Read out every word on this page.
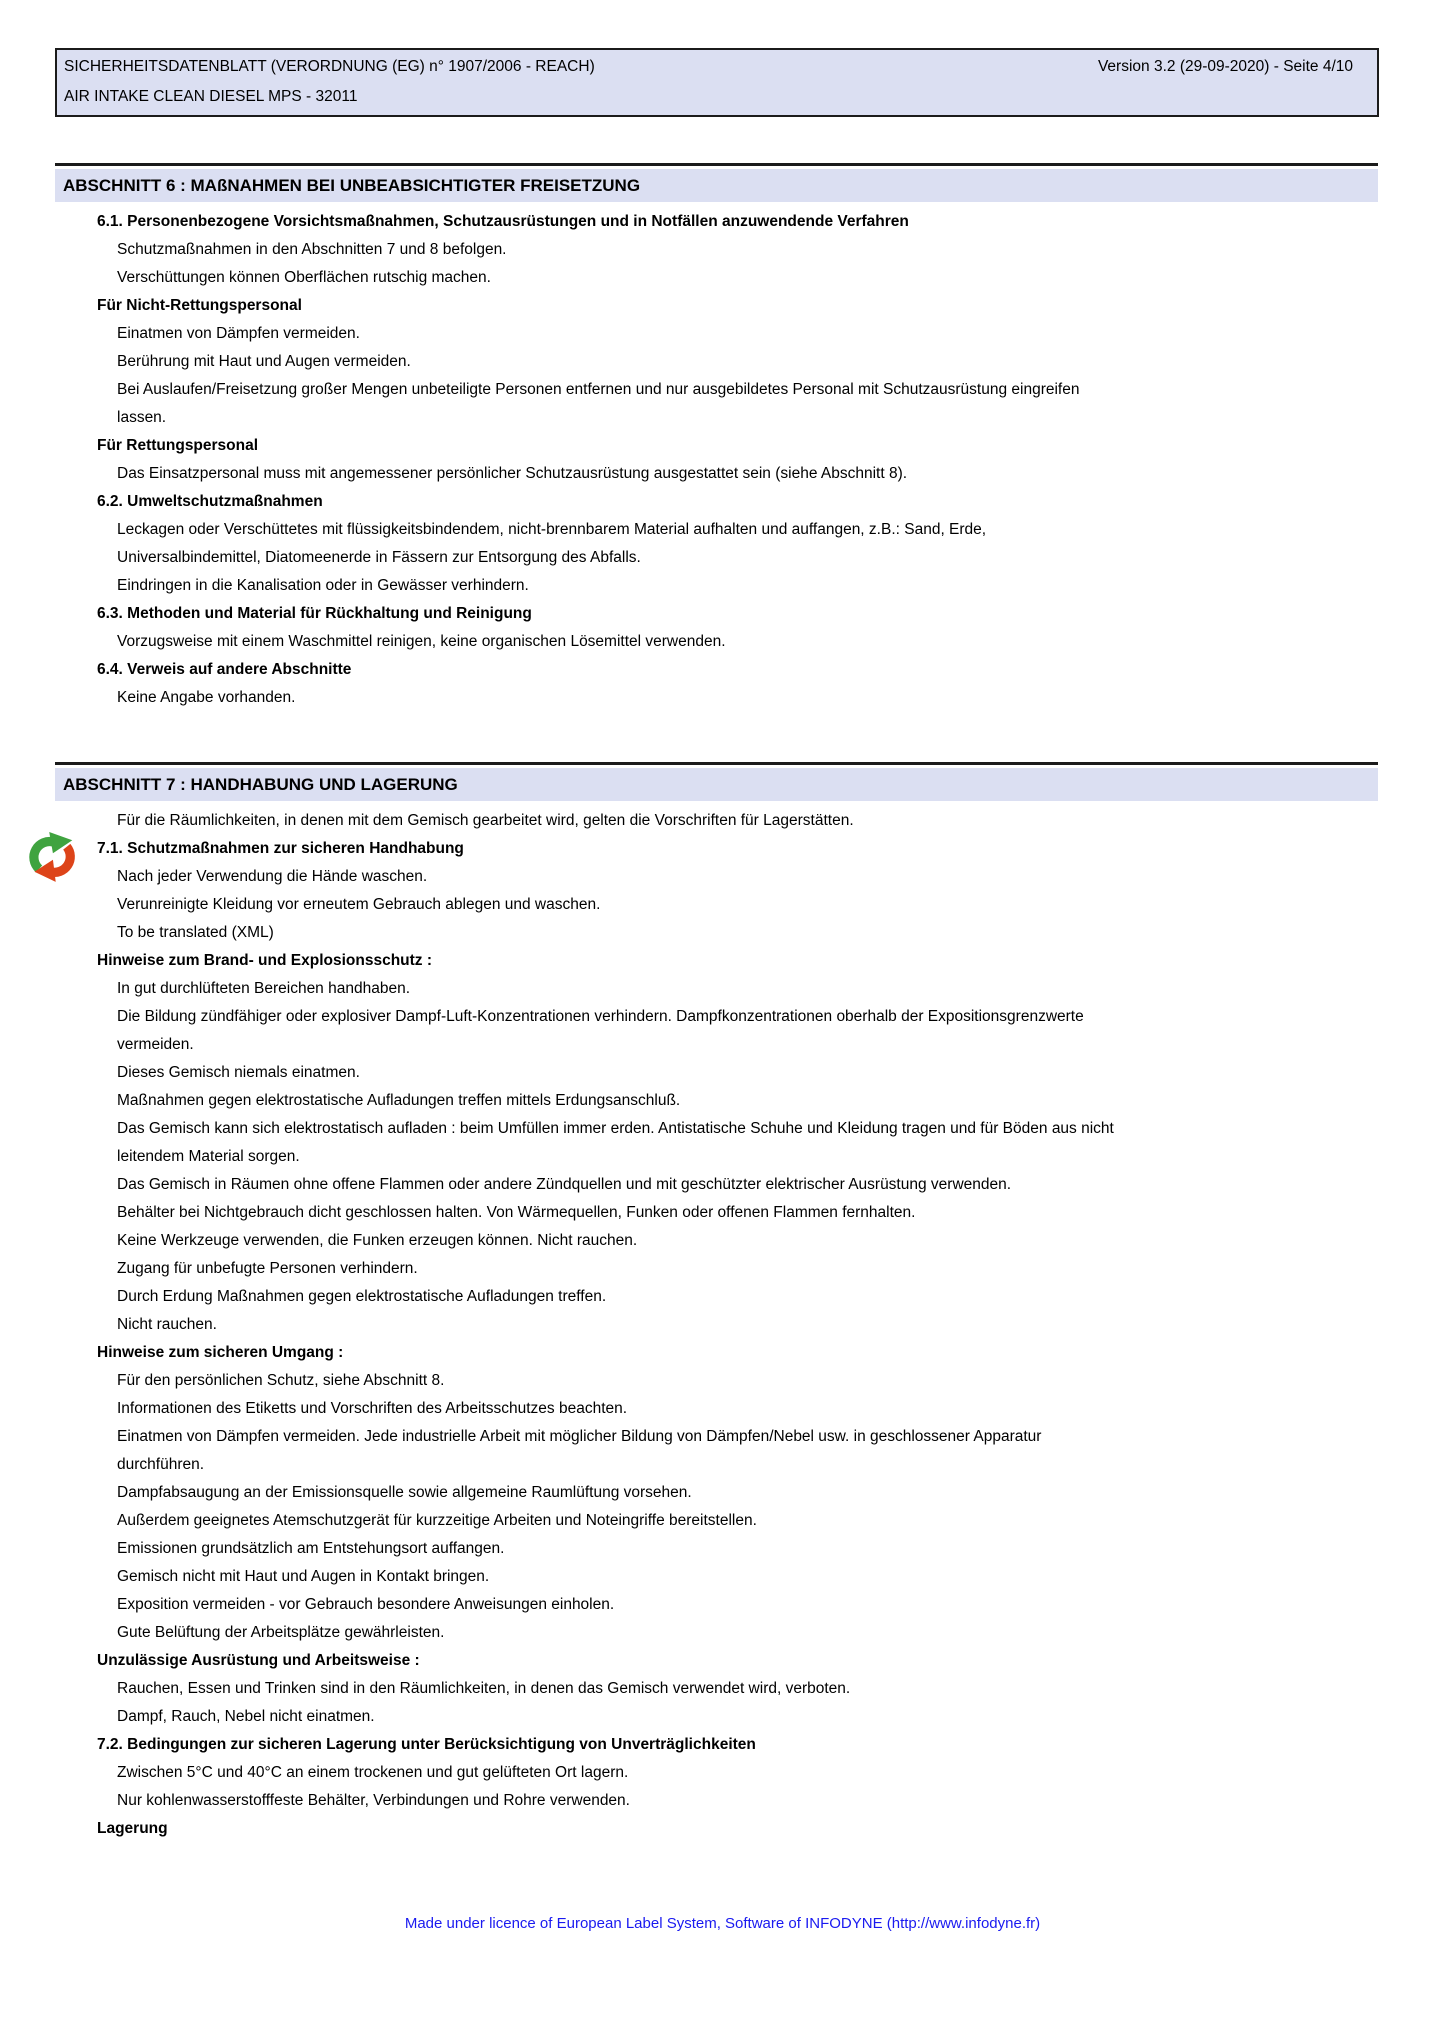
SICHERHEITSDATENBLATT (VERORDNUNG (EG) n° 1907/2006 - REACH)	Version 3.2 (29-09-2020) - Seite 4/10
AIR INTAKE CLEAN DIESEL MPS - 32011
ABSCHNITT 6 : MAßNAHMEN BEI UNBEABSICHTIGTER FREISETZUNG
6.1. Personenbezogene Vorsichtsmaßnahmen, Schutzausrüstungen und in Notfällen anzuwendende Verfahren
Schutzmaßnahmen in den Abschnitten 7 und 8 befolgen.
Verschüttungen können Oberflächen rutschig machen.
Für Nicht-Rettungspersonal
Einatmen von Dämpfen vermeiden.
Berührung mit Haut und Augen vermeiden.
Bei Auslaufen/Freisetzung großer Mengen unbeteiligte Personen entfernen und nur ausgebildetes Personal mit Schutzausrüstung eingreifen
lassen.
Für Rettungspersonal
Das Einsatzpersonal muss mit angemessener persönlicher Schutzausrüstung ausgestattet sein (siehe Abschnitt 8).
6.2. Umweltschutzmaßnahmen
Leckagen oder Verschüttetes mit flüssigkeitsbindendem, nicht-brennbarem Material aufhalten und auffangen, z.B.: Sand, Erde,
Universalbindemittel, Diatomeenerde in Fässern zur Entsorgung des Abfalls.
Eindringen in die Kanalisation oder in Gewässer verhindern.
6.3. Methoden und Material für Rückhaltung und Reinigung
Vorzugsweise mit einem Waschmittel reinigen, keine organischen Lösemittel verwenden.
6.4. Verweis auf andere Abschnitte
Keine Angabe vorhanden.
ABSCHNITT 7 : HANDHABUNG UND LAGERUNG
Für die Räumlichkeiten, in denen mit dem Gemisch gearbeitet wird, gelten die Vorschriften für Lagerstätten.
7.1. Schutzmaßnahmen zur sicheren Handhabung
Nach jeder Verwendung die Hände waschen.
Verunreinigte Kleidung vor erneutem Gebrauch ablegen und waschen.
To be translated (XML)
Hinweise zum Brand- und Explosionsschutz :
In gut durchlüfteten Bereichen handhaben.
Die Bildung zündfähiger oder explosiver Dampf-Luft-Konzentrationen verhindern. Dampfkonzentrationen oberhalb der Expositionsgrenzwerte
vermeiden.
Dieses Gemisch niemals einatmen.
Maßnahmen gegen elektrostatische Aufladungen treffen mittels Erdungsanschluß.
Das Gemisch kann sich elektrostatisch aufladen : beim Umfüllen immer erden. Antistatische Schuhe und Kleidung tragen und für Böden aus nicht
leitendem Material sorgen.
Das Gemisch in Räumen ohne offene Flammen oder andere Zündquellen und mit geschützter elektrischer Ausrüstung verwenden.
Behälter bei Nichtgebrauch dicht geschlossen halten. Von Wärmequellen, Funken oder offenen Flammen fernhalten.
Keine Werkzeuge verwenden, die Funken erzeugen können. Nicht rauchen.
Zugang für unbefugte Personen verhindern.
Durch Erdung Maßnahmen gegen elektrostatische Aufladungen treffen.
Nicht rauchen.
Hinweise zum sicheren Umgang :
Für den persönlichen Schutz, siehe Abschnitt 8.
Informationen des Etiketts und Vorschriften des Arbeitsschutzes beachten.
Einatmen von Dämpfen vermeiden. Jede industrielle Arbeit mit möglicher Bildung von Dämpfen/Nebel usw. in geschlossener Apparatur
durchführen.
Dampfabsaugung an der Emissionsquelle sowie allgemeine Raumlüftung vorsehen.
Außerdem geeignetes Atemschutzgerät für kurzzeitige Arbeiten und Noteingriffe bereitstellen.
Emissionen grundsätzlich am Entstehungsort auffangen.
Gemisch nicht mit Haut und Augen in Kontakt bringen.
Exposition vermeiden - vor Gebrauch besondere Anweisungen einholen.
Gute Belüftung der Arbeitsplätze gewährleisten.
Unzulässige Ausrüstung und Arbeitsweise :
Rauchen, Essen und Trinken sind in den Räumlichkeiten, in denen das Gemisch verwendet wird, verboten.
Dampf, Rauch, Nebel nicht einatmen.
7.2. Bedingungen zur sicheren Lagerung unter Berücksichtigung von Unverträglichkeiten
Zwischen 5°C und 40°C an einem trockenen und gut gelüfteten Ort lagern.
Nur kohlenwasserstofffeste Behälter, Verbindungen und Rohre verwenden.
Lagerung
Made under licence of European Label System, Software of INFODYNE (http://www.infodyne.fr)
